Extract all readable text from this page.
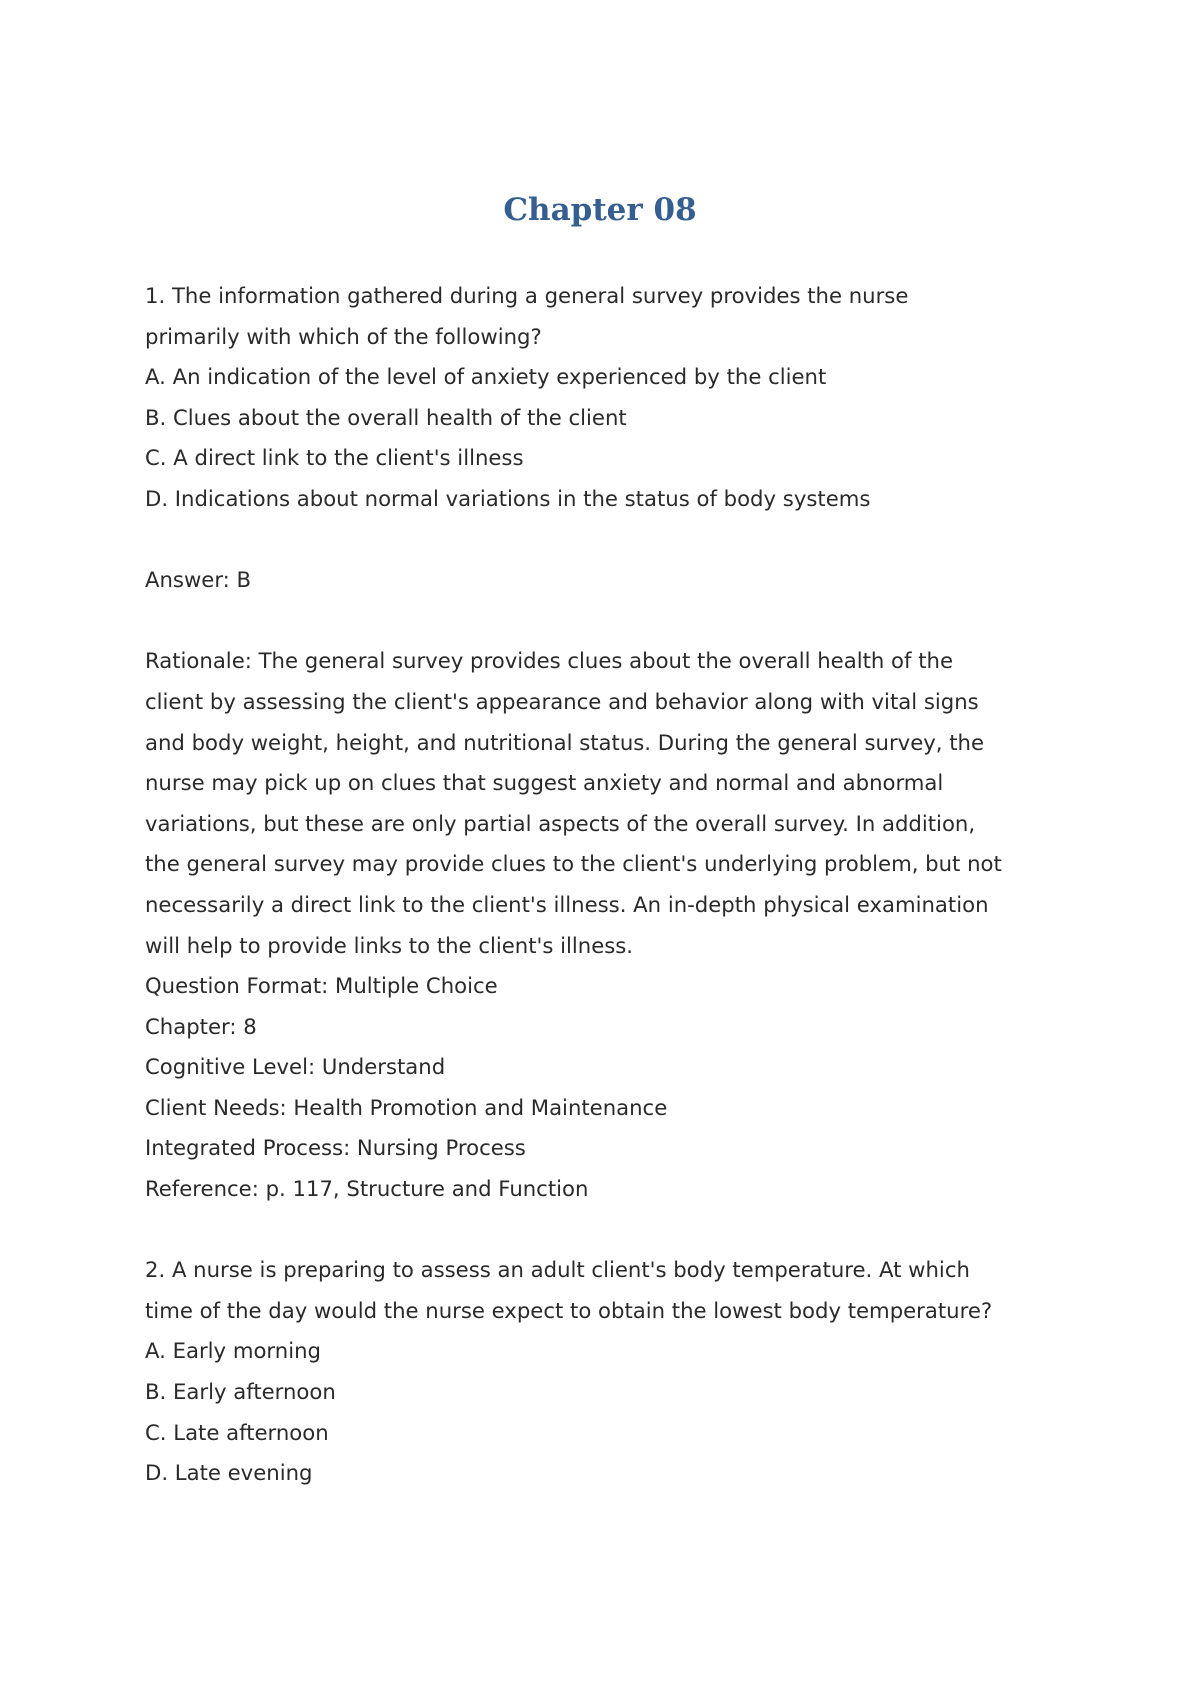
Chapter 08

1. The information gathered during a general survey provides the nurse

primarily with which of the following?

A. An indication of the level of anxiety experienced by the client

B. Clues about the overall health of the client

C. A direct link to the client's illness

D. Indications about normal variations in the status of body systems

Answer: B

Rationale: The general survey provides clues about the overall health of the

client by assessing the client's appearance and behavior along with vital signs

and body weight, height, and nutritional status. During the general survey, the

nurse may pick up on clues that suggest anxiety and normal and abnormal

variations, but these are only partial aspects of the overall survey. In addition,

the general survey may provide clues to the client's underlying problem, but not

necessarily a direct link to the client's illness. An in-depth physical examination

will help to provide links to the client's illness.

Question Format: Multiple Choice

Chapter: 8

Cognitive Level: Understand

Client Needs: Health Promotion and Maintenance

Integrated Process: Nursing Process

Reference: p. 117, Structure and Function

2. A nurse is preparing to assess an adult client's body temperature. At which

time of the day would the nurse expect to obtain the lowest body temperature?

A. Early morning

B. Early afternoon

C. Late afternoon

D. Late evening
